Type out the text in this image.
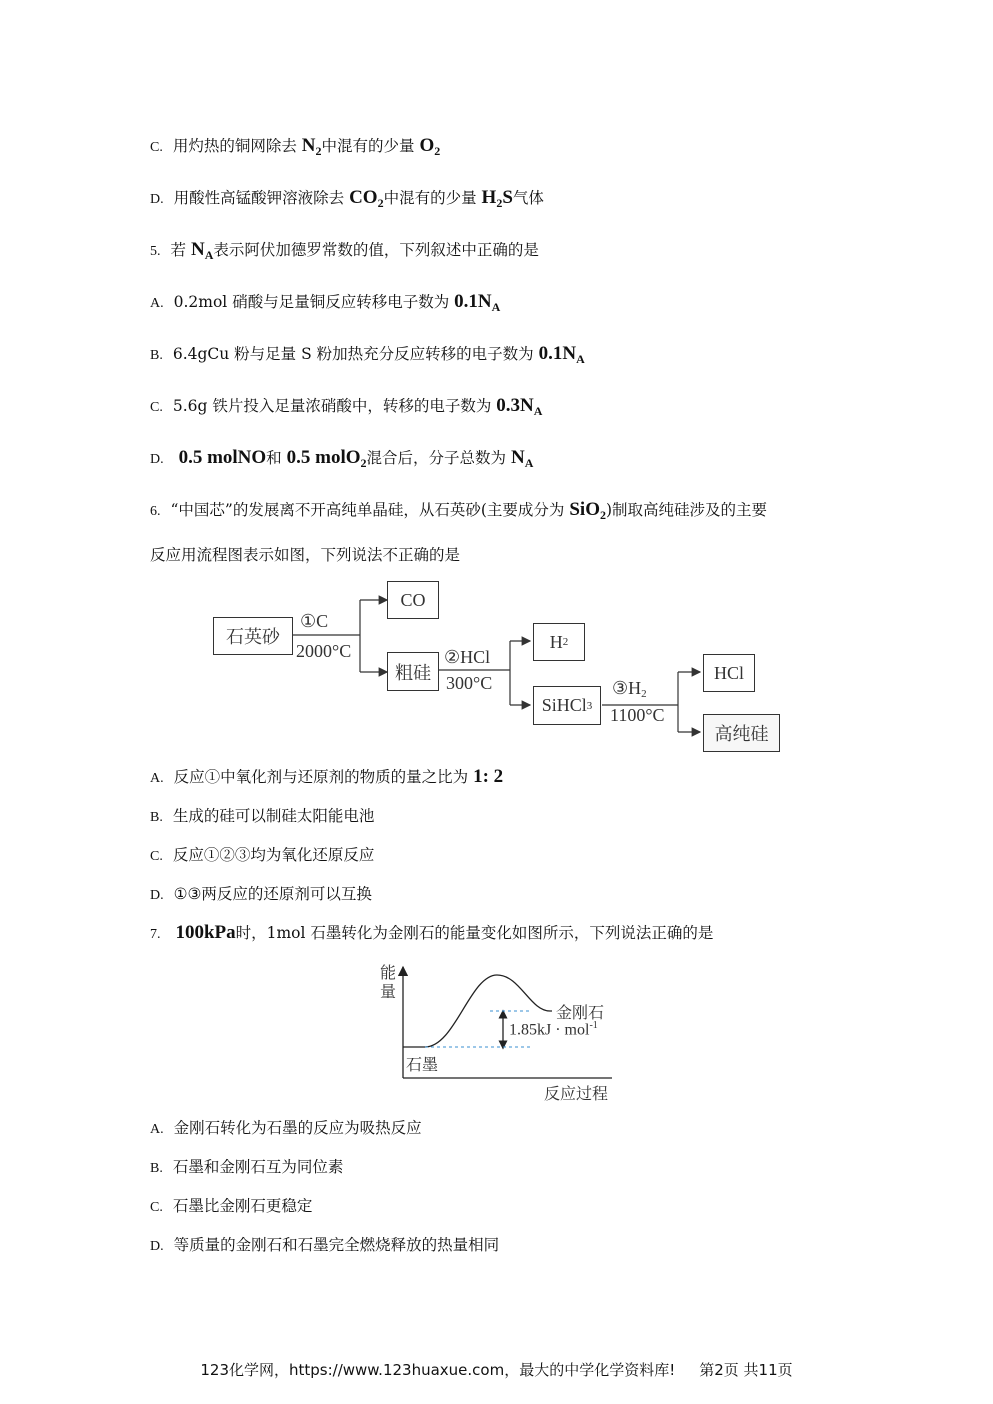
C. 用灼热的铜网除去 $N_2$中混有的少量 $O_2$
D. 用酸性高锰酸钾溶液除去 $CO_2$中混有的少量 $H_2S$气体
5. 若 $N_A$表示阿伏加德罗常数的值，下列叙述中正确的是
A. 0.2mol 硝酸与足量铜反应转移电子数为 $0.1N_A$
B. 6.4gCu 粉与足量 S 粉加热充分反应转移的电子数为 $0.1N_A$
C. 5.6g 铁片投入足量浓硝酸中，转移的电子数为 $0.3N_A$
D. 0.5 molNO和 0.5 molO$_2$混合后，分子总数为 $N_A$
6. “中国芯”的发展离不开高纯单晶硅，从石英砂(主要成分为 SiO$_2$)制取高纯硅涉及的主要
反应用流程图表示如图，下列说法不正确的是
石英砂
①C
2000°C
CO
粗硅
②HCl
300°C
H 2
SiHCl 3
$③H_2$
1100°C
HCl
高纯硅
A. 反应①中氧化剂与还原剂的物质的量之比为 1: 2
B. 生成的硅可以制硅太阳能电池
C. 反应①②③均为氧化还原反应
D. ①③两反应的还原剂可以互换
7. 100kPa时，1mol 石墨转化为金刚石的能量变化如图所示，下列说法正确的是
能
量
反应过程
石墨
金刚石
1.85kJ · mol$^{-1}$
A. 金刚石转化为石墨的反应为吸热反应
B. 石墨和金刚石互为同位素
C. 石墨比金刚石更稳定
D. 等质量的金刚石和石墨完全燃烧释放的热量相同
123化学网，https://www.123huaxue.com，最大的中学化学资料库! 第2页 共11页
